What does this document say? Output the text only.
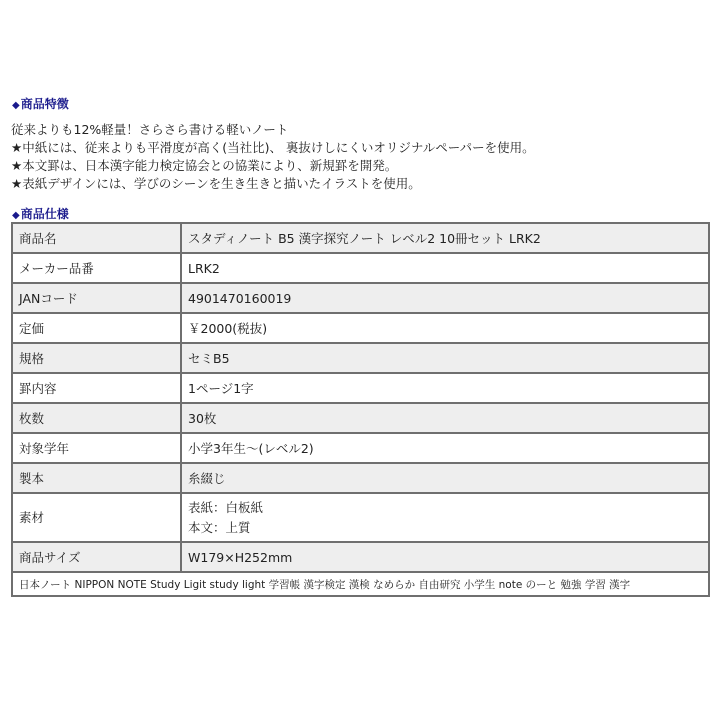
◆商品特徴
従来よりも12%軽量！さらさら書ける軽いノート
★中紙には、従来よりも平滑度が高く(当社比)、 裏抜けしにくいオリジナルペーパーを使用。
★本文罫は、日本漢字能力検定協会との協業により、新規罫を開発。
★表紙デザインには、学びのシーンを生き生きと描いたイラストを使用。
◆商品仕様
商品名	スタディノート B5 漢字探究ノート レベル2 10冊セット LRK2
メーカー品番	LRK2
JANコード	4901470160019
定価	￥2000(税抜)
規格	セミB5
罫内容	1ページ1字
枚数	30枚
対象学年	小学3年生～(レベル2)
製本	糸綴じ
素材	表紙：白板紙
本文：上質

商品サイズ	W179×H252mm
日本ノート NIPPON NOTE Study Ligit study light 学習帳 漢字検定 漢検 なめらか 自由研究 小学生 note のーと 勉強 学習 漢字	
